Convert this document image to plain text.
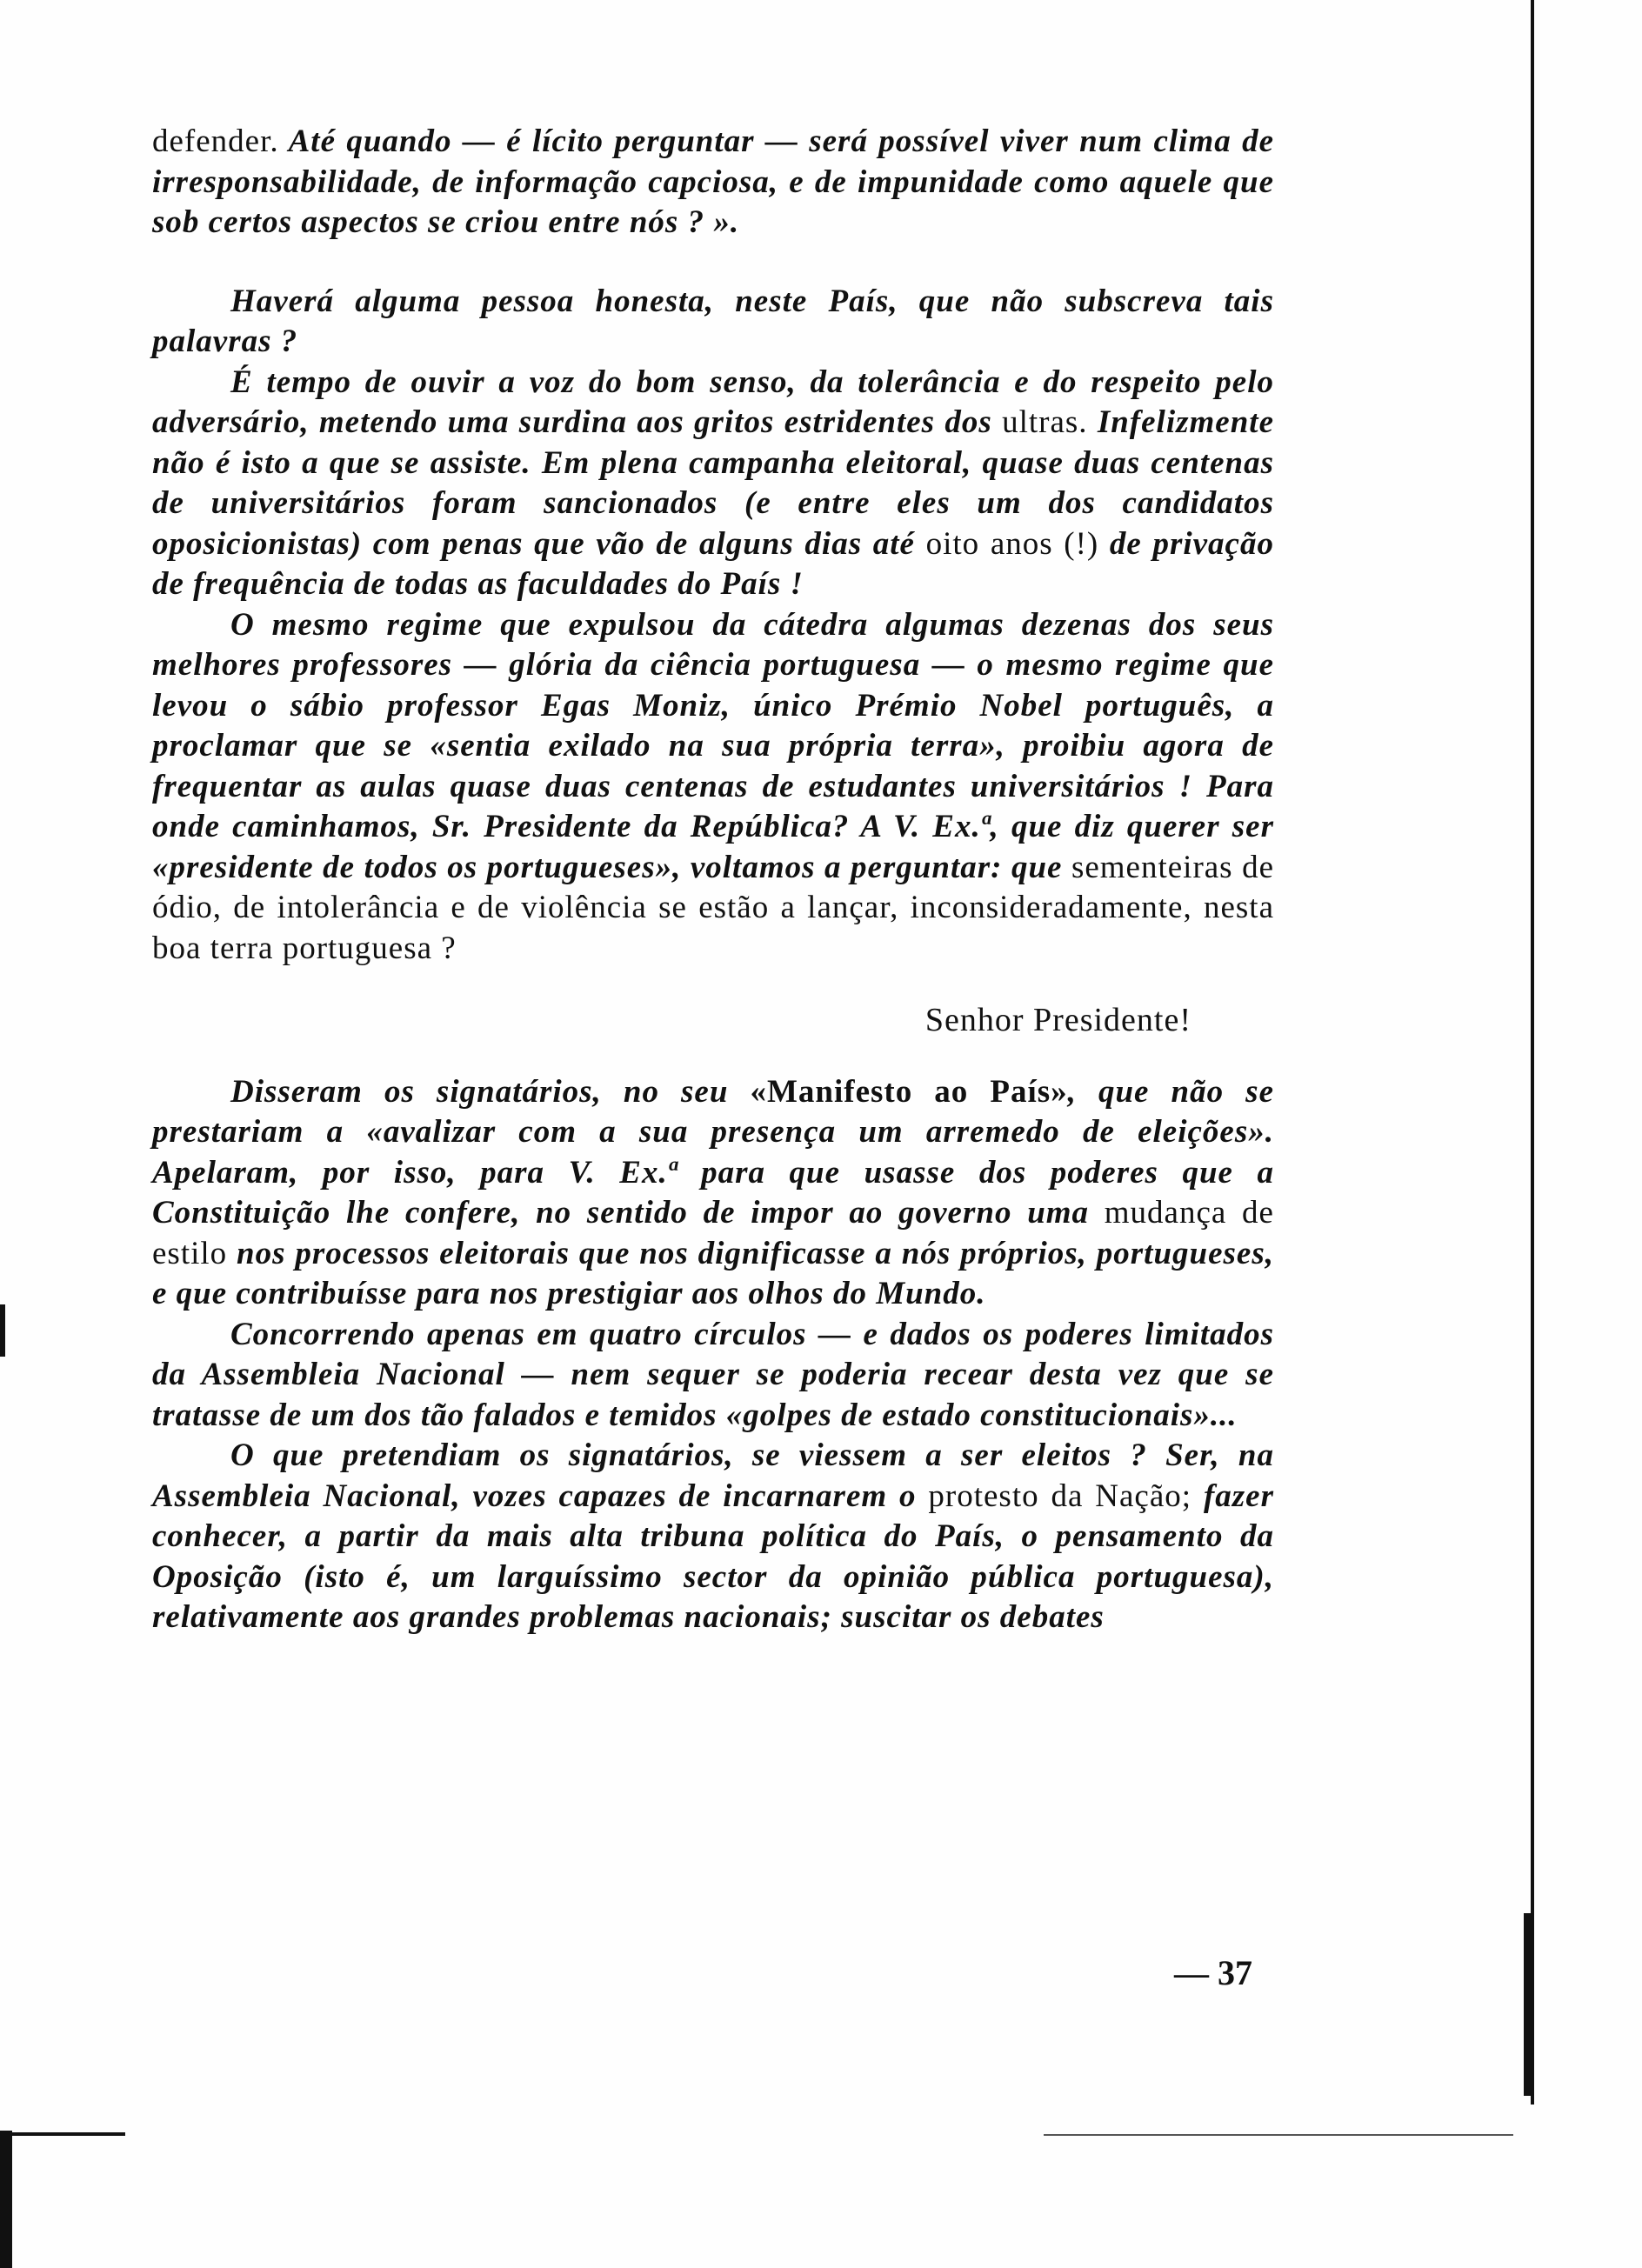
defender. Até quando — é lícito perguntar — será possível viver num clima de irresponsabilidade, de informação capciosa, e de impunidade como aquele que sob certos aspectos se criou entre nós ? ».

Haverá alguma pessoa honesta, neste País, que não subscreva tais palavras ?

É tempo de ouvir a voz do bom senso, da tolerância e do respeito pelo adversário, metendo uma surdina aos gritos estridentes dos ultras. Infelizmente não é isto a que se assiste. Em plena campanha eleitoral, quase duas centenas de universitários foram sancionados (e entre eles um dos candidatos oposicionistas) com penas que vão de alguns dias até oito anos (!) de privação de frequência de todas as faculdades do País !

O mesmo regime que expulsou da cátedra algumas dezenas dos seus melhores professores — glória da ciência portuguesa — o mesmo regime que levou o sábio professor Egas Moniz, único Prémio Nobel português, a proclamar que se «sentia exilado na sua própria terra», proibiu agora de frequentar as aulas quase duas centenas de estudantes universitários ! Para onde caminhamos, Sr. Presidente da República? A V. Ex.ª, que diz querer ser «presidente de todos os portugueses», voltamos a perguntar: que sementeiras de ódio, de intolerância e de violência se estão a lançar, inconsideradamente, nesta boa terra portuguesa ?

Senhor Presidente!

Disseram os signatários, no seu «Manifesto ao País», que não se prestariam a «avalizar com a sua presença um arremedo de eleições». Apelaram, por isso, para V. Ex.ª para que usasse dos poderes que a Constituição lhe confere, no sentido de impor ao governo uma mudança de estilo nos processos eleitorais que nos dignificasse a nós próprios, portugueses, e que contribuísse para nos prestigiar aos olhos do Mundo.

Concorrendo apenas em quatro círculos — e dados os poderes limitados da Assembleia Nacional — nem sequer se poderia recear desta vez que se tratasse de um dos tão falados e temidos «golpes de estado constitucionais»...

O que pretendiam os signatários, se viessem a ser eleitos ? Ser, na Assembleia Nacional, vozes capazes de incarnarem o protesto da Nação; fazer conhecer, a partir da mais alta tribuna política do País, o pensamento da Oposição (isto é, um larguíssimo sector da opinião pública portuguesa), relativamente aos grandes problemas nacionais; suscitar os debates

— 37
